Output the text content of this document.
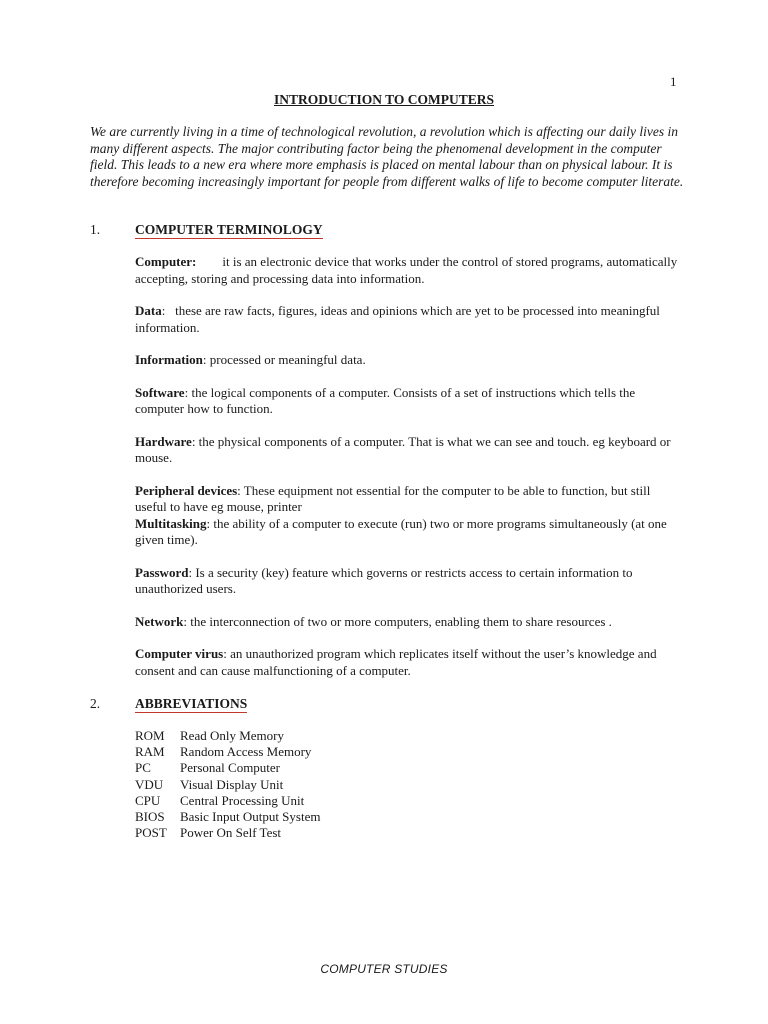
1
INTRODUCTION TO COMPUTERS
We are currently living in a time of technological revolution, a revolution which is affecting our daily lives in many different aspects. The major contributing factor being the phenomenal development in the computer field. This leads to a new era where more emphasis is placed on mental labour than on physical labour. It is therefore becoming increasingly important for people from different walks of life to become computer literate.
1.	COMPUTER TERMINOLOGY

Computer:        it is an electronic device that works under the control of stored programs, automatically accepting, storing and processing data into information.

Data:   these are raw facts, figures, ideas and opinions which are yet to be processed into meaningful information.

Information: processed or meaningful data.

Software: the logical components of a computer. Consists of a set of instructions which tells the computer how to function.

Hardware: the physical components of a computer. That is what we can see and touch. eg keyboard or mouse.

Peripheral devices: These equipment not essential for the computer to be able to function, but still useful to have eg mouse, printer

Multitasking: the ability of a computer to execute (run) two or more programs simultaneously (at one given time).

Password: Is a security (key) feature which governs or restricts access to certain information to unauthorized users.

Network: the interconnection of two or more computers, enabling them to share resources .

Computer virus: an unauthorized program which replicates itself without the user’s knowledge and consent and can cause malfunctioning of a computer.

2.	ABBREVIATIONS
ROM	Read Only Memory
RAM	Random Access Memory
PC	Personal Computer
VDU	Visual Display Unit
CPU	Central Processing Unit
BIOS	Basic Input Output System
POST	Power On Self Test
COMPUTER STUDIES
